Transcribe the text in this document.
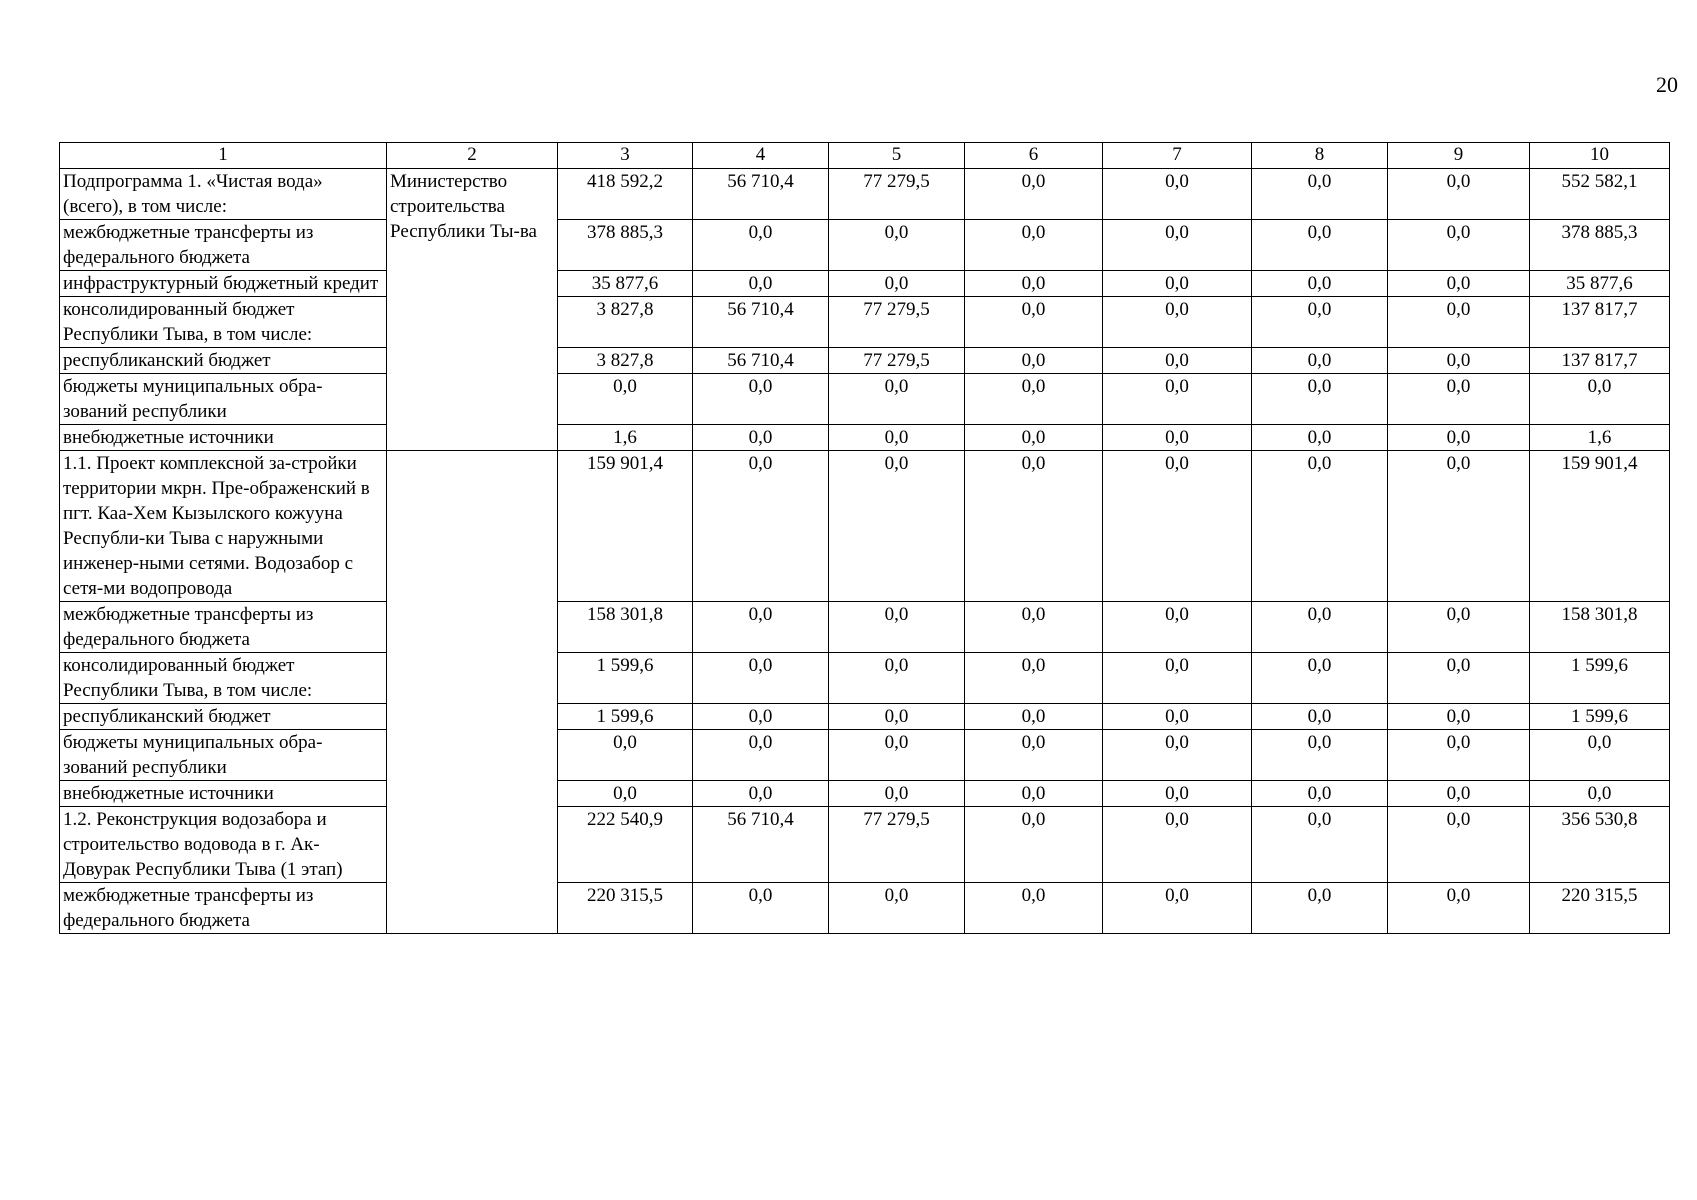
20
1	2	3	4	5	6	7	8	9	10
Подпрограмма 1. «Чистая вода» (всего), в том числе:	Министерство строительства Республики Ты-ва	418 592,2	56 710,4	77 279,5	0,0	0,0	0,0	0,0	552 582,1
межбюджетные трансферты из федерального бюджета		378 885,3	0,0	0,0	0,0	0,0	0,0	0,0	378 885,3
инфраструктурный бюджетный кредит		35 877,6	0,0	0,0	0,0	0,0	0,0	0,0	35 877,6
консолидированный бюджет Республики Тыва, в том числе:		3 827,8	56 710,4	77 279,5	0,0	0,0	0,0	0,0	137 817,7
республиканский бюджет		3 827,8	56 710,4	77 279,5	0,0	0,0	0,0	0,0	137 817,7
бюджеты муниципальных обра-зований республики		0,0	0,0	0,0	0,0	0,0	0,0	0,0	0,0
внебюджетные источники		1,6	0,0	0,0	0,0	0,0	0,0	0,0	1,6
1.1. Проект комплексной за-стройки территории мкрн. Пре-ображенский в пгт. Каа-Хем Кызылского кожууна Республи-ки Тыва с наружными инженер-ными сетями. Водозабор с сетя-ми водопровода		159 901,4	0,0	0,0	0,0	0,0	0,0	0,0	159 901,4
межбюджетные трансферты из федерального бюджета		158 301,8	0,0	0,0	0,0	0,0	0,0	0,0	158 301,8
консолидированный бюджет Республики Тыва, в том числе:		1 599,6	0,0	0,0	0,0	0,0	0,0	0,0	1 599,6
республиканский бюджет		1 599,6	0,0	0,0	0,0	0,0	0,0	0,0	1 599,6
бюджеты муниципальных обра-зований республики		0,0	0,0	0,0	0,0	0,0	0,0	0,0	0,0
внебюджетные источники		0,0	0,0	0,0	0,0	0,0	0,0	0,0	0,0
1.2. Реконструкция водозабора и строительство водовода в г. Ак-Довурак Республики Тыва (1 этап)		222 540,9	56 710,4	77 279,5	0,0	0,0	0,0	0,0	356 530,8
межбюджетные трансферты из федерального бюджета		220 315,5	0,0	0,0	0,0	0,0	0,0	0,0	220 315,5
